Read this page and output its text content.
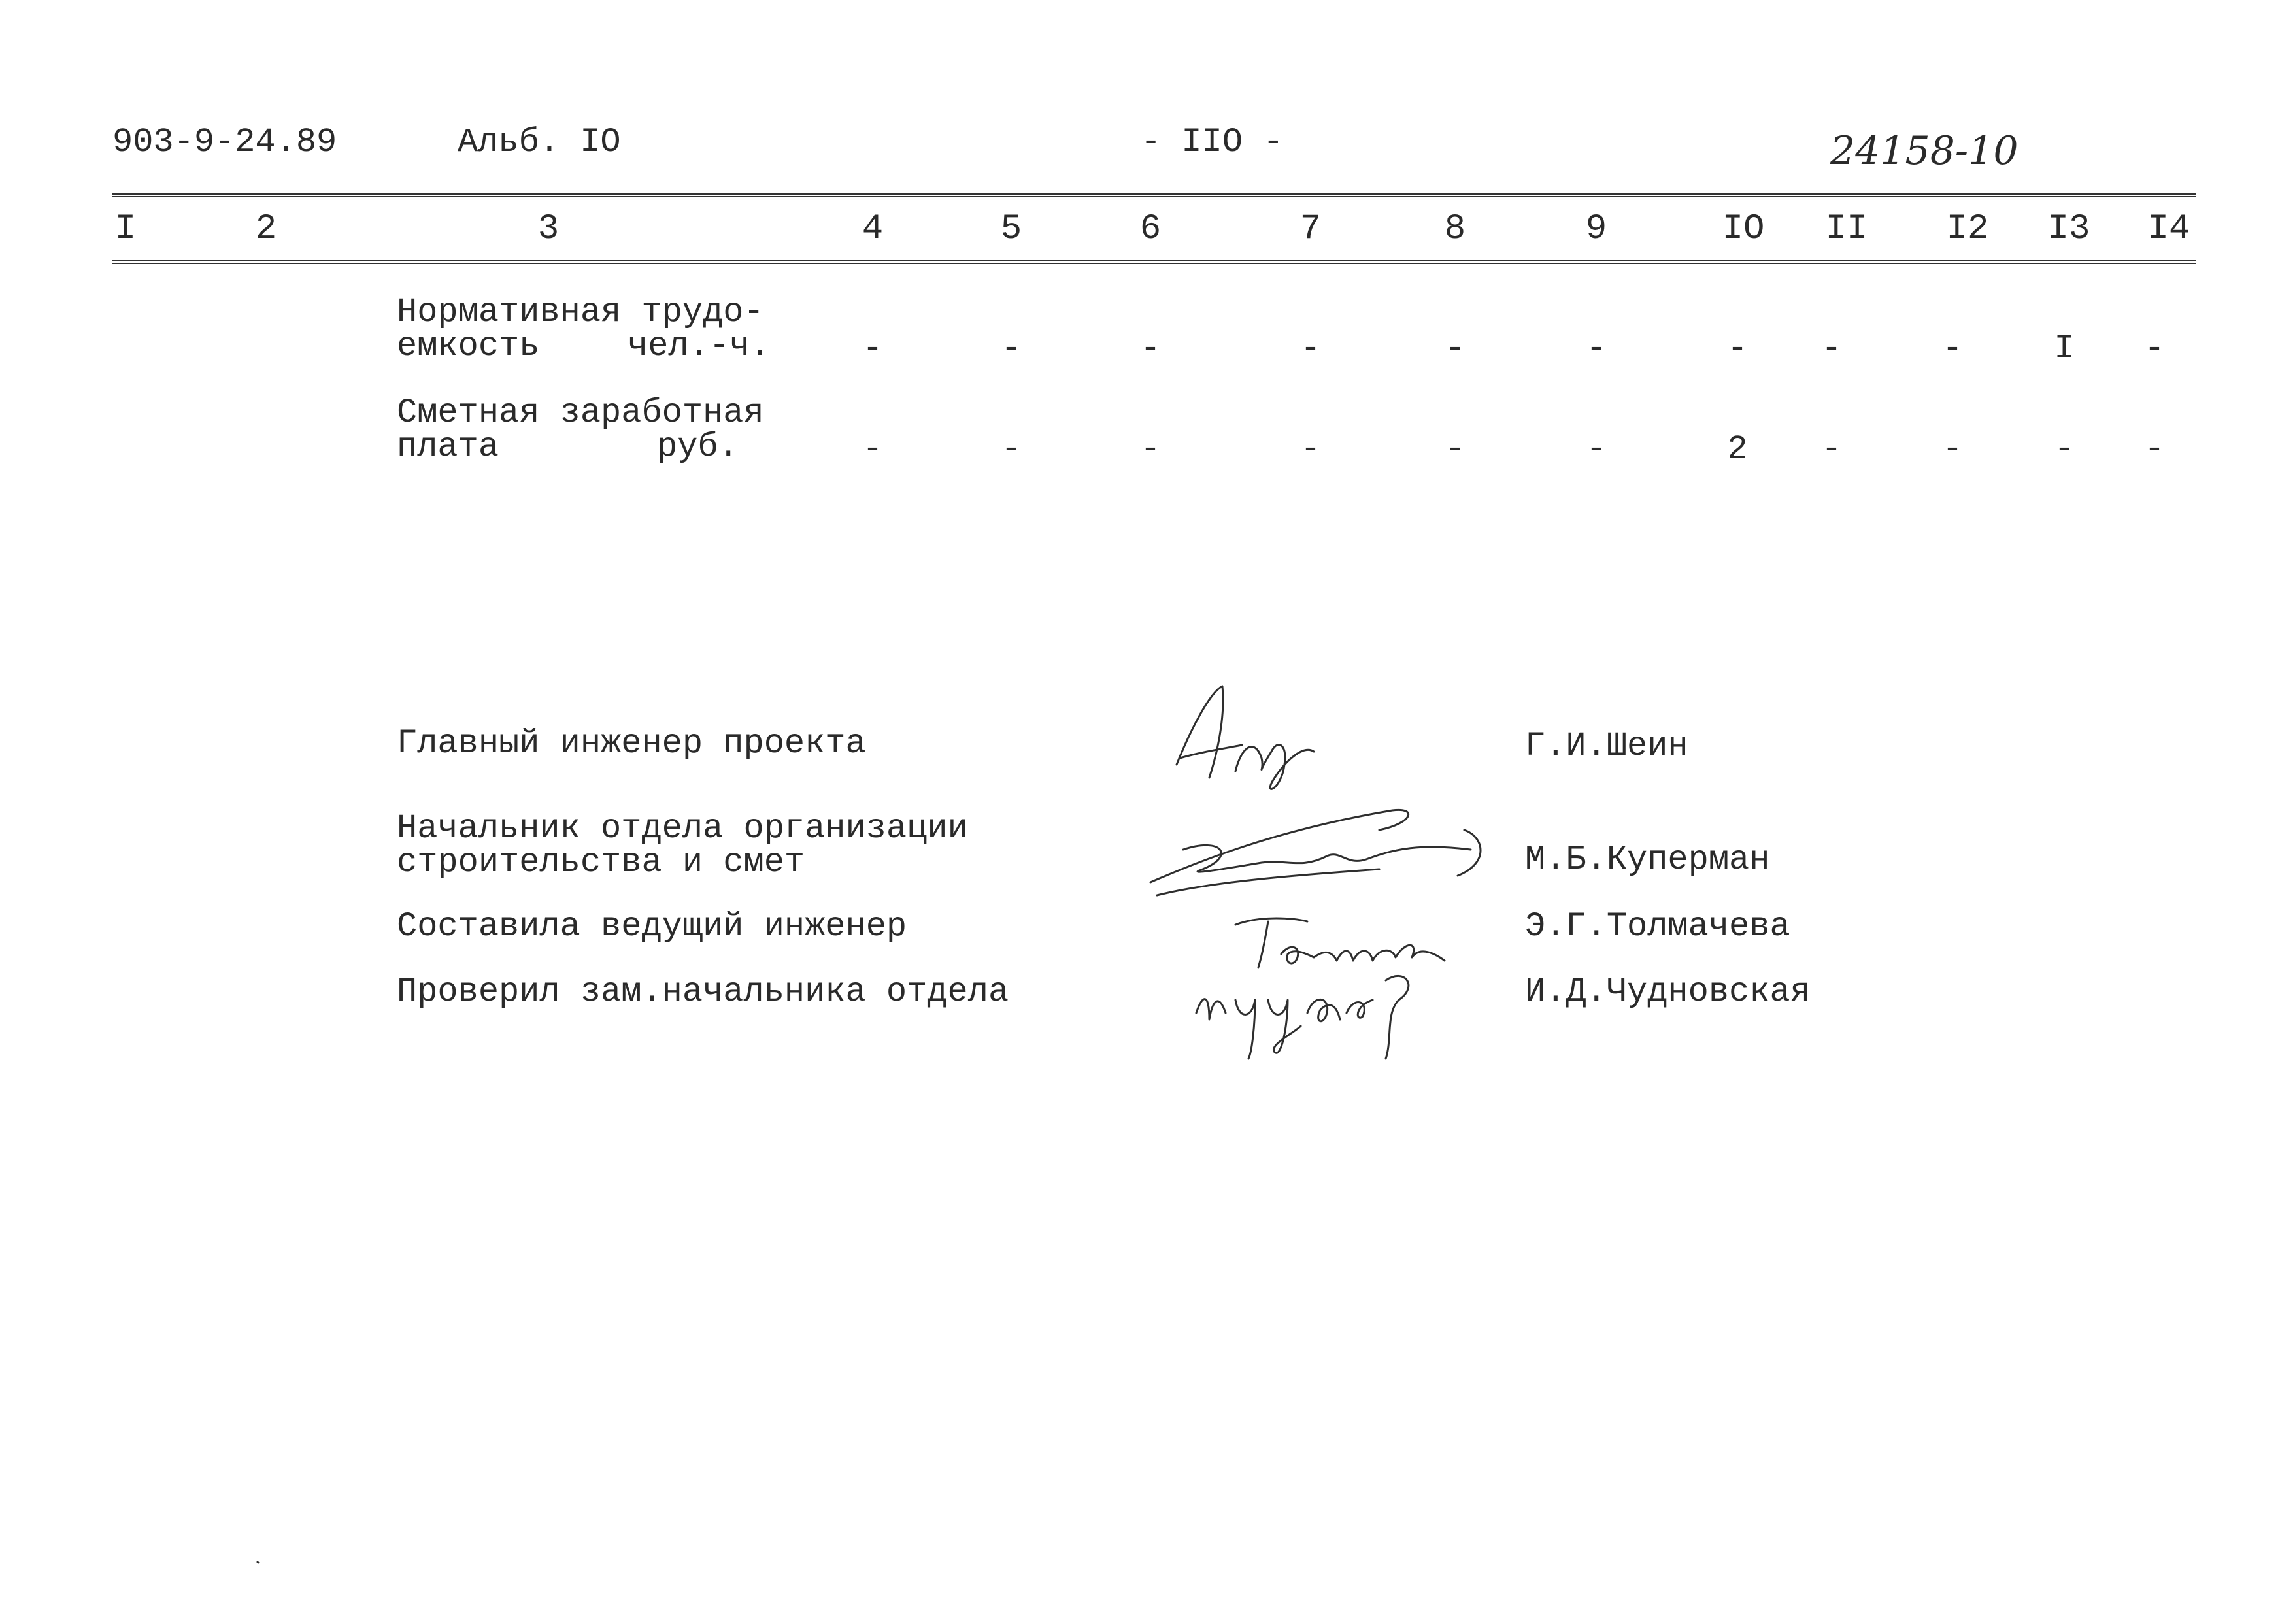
903-9-24.89	Альб. IO	- IIO -	24158-10
I	2	3	4	5	6	7	8	9	IO	II	I2	I3	I4
Нормативная трудо-
емкость	чел.-ч.	-	-	-	-	-	-	-	-	-	I	-
Сметная заработная
плата	руб.	-	-	-	-	-	-	2	-	-	-	-
Главный инженер проекта	Г.И.Шеин
Начальник отдела организации
строительства и смет	М.Б.Куперман
Составила ведущий инженер	Э.Г.Толмачева
Проверил зам.начальника отдела	И.Д.Чудновская
